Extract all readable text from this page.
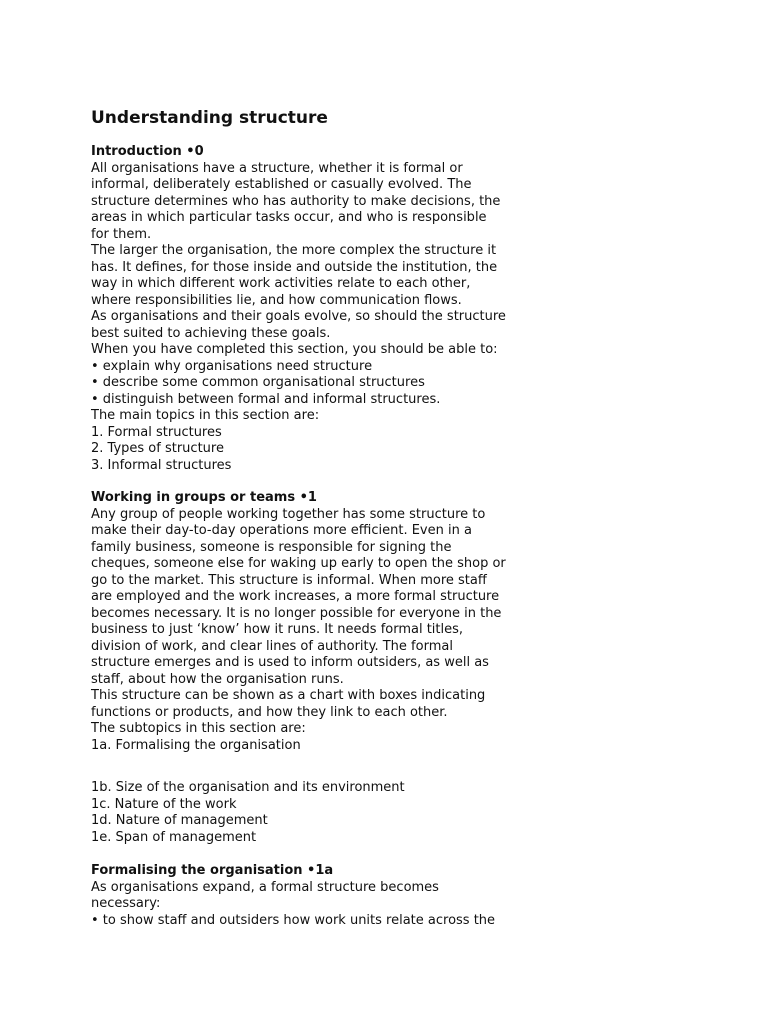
Understanding structure
Introduction •0
All organisations have a structure, whether it is formal or
informal, deliberately established or casually evolved. The
structure determines who has authority to make decisions, the
areas in which particular tasks occur, and who is responsible
for them.
The larger the organisation, the more complex the structure it
has. It defines, for those inside and outside the institution, the
way in which different work activities relate to each other,
where responsibilities lie, and how communication flows.
As organisations and their goals evolve, so should the structure
best suited to achieving these goals.
When you have completed this section, you should be able to:
• explain why organisations need structure
• describe some common organisational structures
• distinguish between formal and informal structures.
The main topics in this section are:
1. Formal structures
2. Types of structure
3. Informal structures
Working in groups or teams •1
Any group of people working together has some structure to
make their day-to-day operations more efficient. Even in a
family business, someone is responsible for signing the
cheques, someone else for waking up early to open the shop or
go to the market. This structure is informal. When more staff
are employed and the work increases, a more formal structure
becomes necessary. It is no longer possible for everyone in the
business to just ‘know’ how it runs. It needs formal titles,
division of work, and clear lines of authority. The formal
structure emerges and is used to inform outsiders, as well as
staff, about how the organisation runs.
This structure can be shown as a chart with boxes indicating
functions or products, and how they link to each other.
The subtopics in this section are:
1a. Formalising the organisation
1b. Size of the organisation and its environment
1c. Nature of the work
1d. Nature of management
1e. Span of management
Formalising the organisation •1a
As organisations expand, a formal structure becomes
necessary:
• to show staff and outsiders how work units relate across the
